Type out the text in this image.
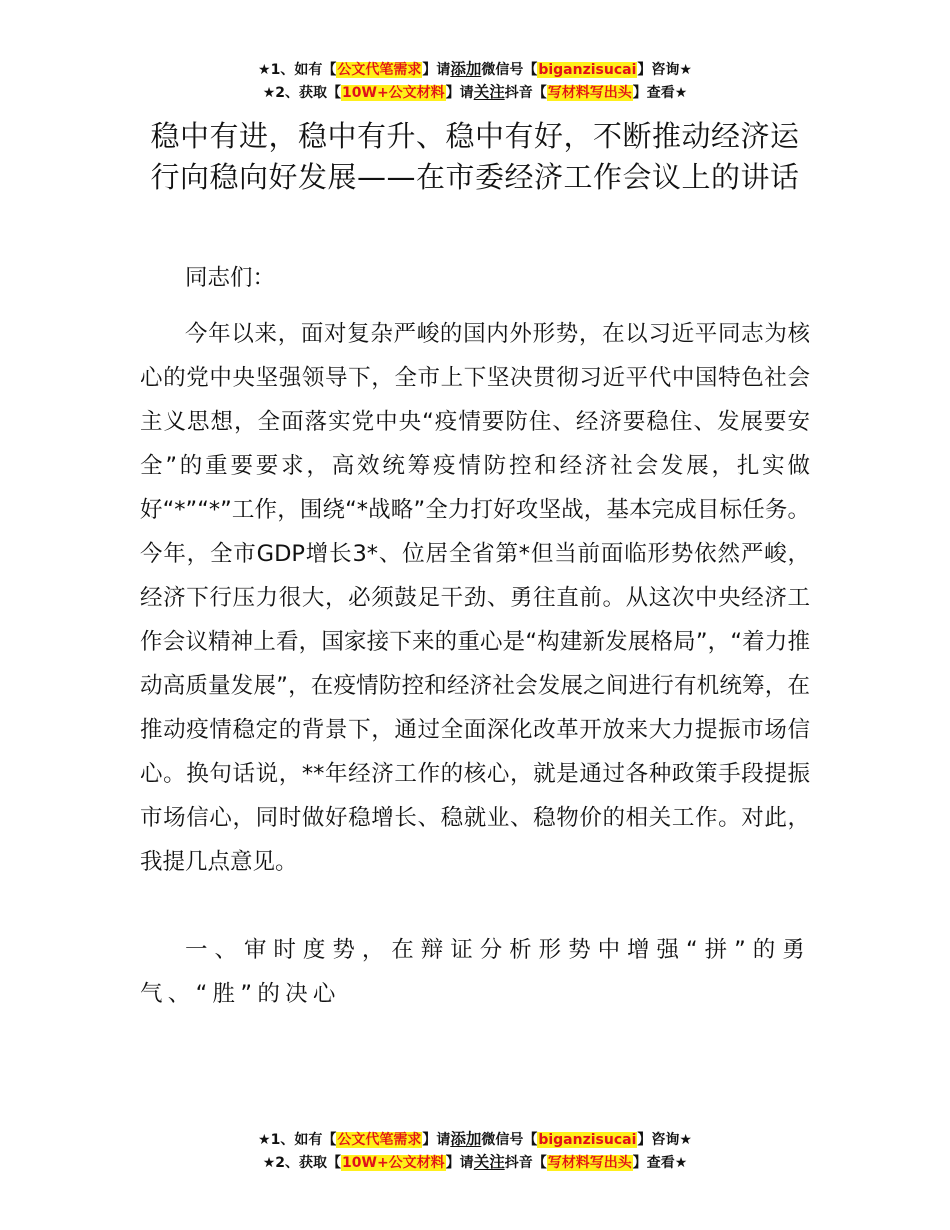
★1、如有【公文代笔需求】请添加微信号【biganzisucai】咨询★
★2、获取【10W+公文材料】请关注抖音【写材料写出头】查看★
稳中有进，稳中有升、稳中有好，不断推动经济运行向稳向好发展——在市委经济工作会议上的讲话

同志们：

今年以来，面对复杂严峻的国内外形势，在以习近平同志为核心的党中央坚强领导下，全市上下坚决贯彻习近平代中国特色社会主义思想，全面落实党中央“疫情要防住、经济要稳住、发展要安全”的重要要求，高效统筹疫情防控和经济社会发展，扎实做好“*”“*”工作，围绕“*战略”全力打好攻坚战，基本完成目标任务。今年，全市GDP增长3*、位居全省第*但当前面临形势依然严峻，经济下行压力很大，必须鼓足干劲、勇往直前。从这次中央经济工作会议精神上看，国家接下来的重心是“构建新发展格局”，“着力推动高质量发展”，在疫情防控和经济社会发展之间进行有机统筹，在推动疫情稳定的背景下，通过全面深化改革开放来大力提振市场信心。换句话说，**年经济工作的核心，就是通过各种政策手段提振市场信心，同时做好稳增长、稳就业、稳物价的相关工作。对此，我提几点意见。

一、审时度势，在辩证分析形势中增强“拼”的勇气、“胜”的决心

★1、如有【公文代笔需求】请添加微信号【biganzisucai】咨询★
★2、获取【10W+公文材料】请关注抖音【写材料写出头】查看★
